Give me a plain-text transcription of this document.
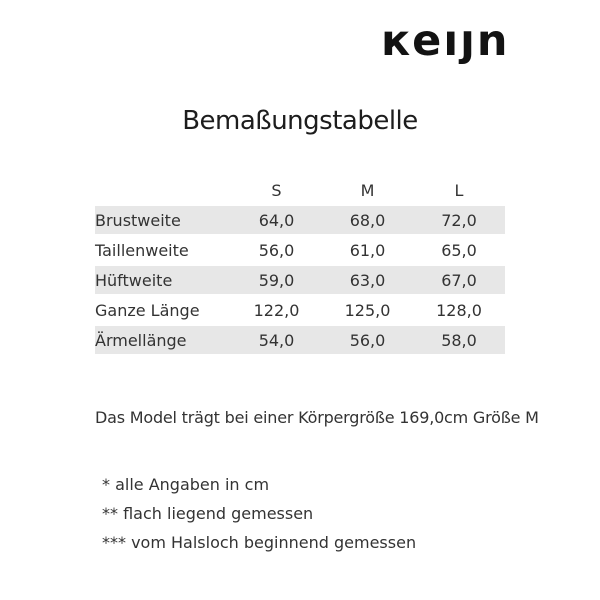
кeıȷn
Bemaßungstabelle
	S	M	L
Brustweite	64,0	68,0	72,0
Taillenweite	56,0	61,0	65,0
Hüftweite	59,0	63,0	67,0
Ganze Länge	122,0	125,0	128,0
Ärmellänge	54,0	56,0	58,0

Das Model trägt bei einer Körpergröße 169,0cm Größe M

* alle Angaben in cm

** flach liegend gemessen

*** vom Halsloch beginnend gemessen
